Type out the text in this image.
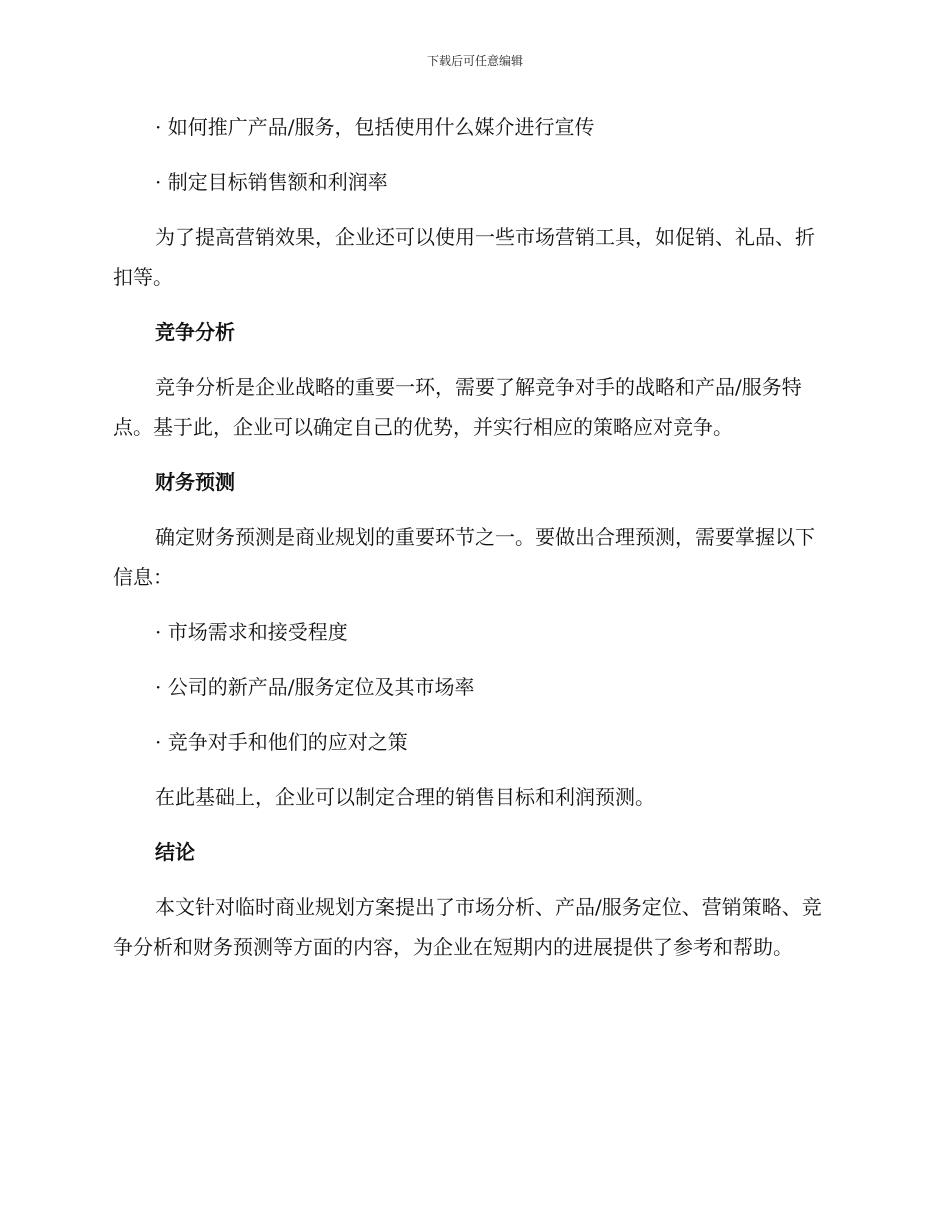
下载后可任意编辑
· 如何推广产品/服务，包括使用什么媒介进行宣传
· 制定目标销售额和利润率
为了提高营销效果，企业还可以使用一些市场营销工具，如促销、礼品、折扣等。
竞争分析
竞争分析是企业战略的重要一环，需要了解竞争对手的战略和产品/服务特点。基于此，企业可以确定自己的优势，并实行相应的策略应对竞争。
财务预测
确定财务预测是商业规划的重要环节之一。要做出合理预测，需要掌握以下信息：
· 市场需求和接受程度
· 公司的新产品/服务定位及其市场率
· 竞争对手和他们的应对之策
在此基础上，企业可以制定合理的销售目标和利润预测。
结论
本文针对临时商业规划方案提出了市场分析、产品/服务定位、营销策略、竞争分析和财务预测等方面的内容，为企业在短期内的进展提供了参考和帮助。
